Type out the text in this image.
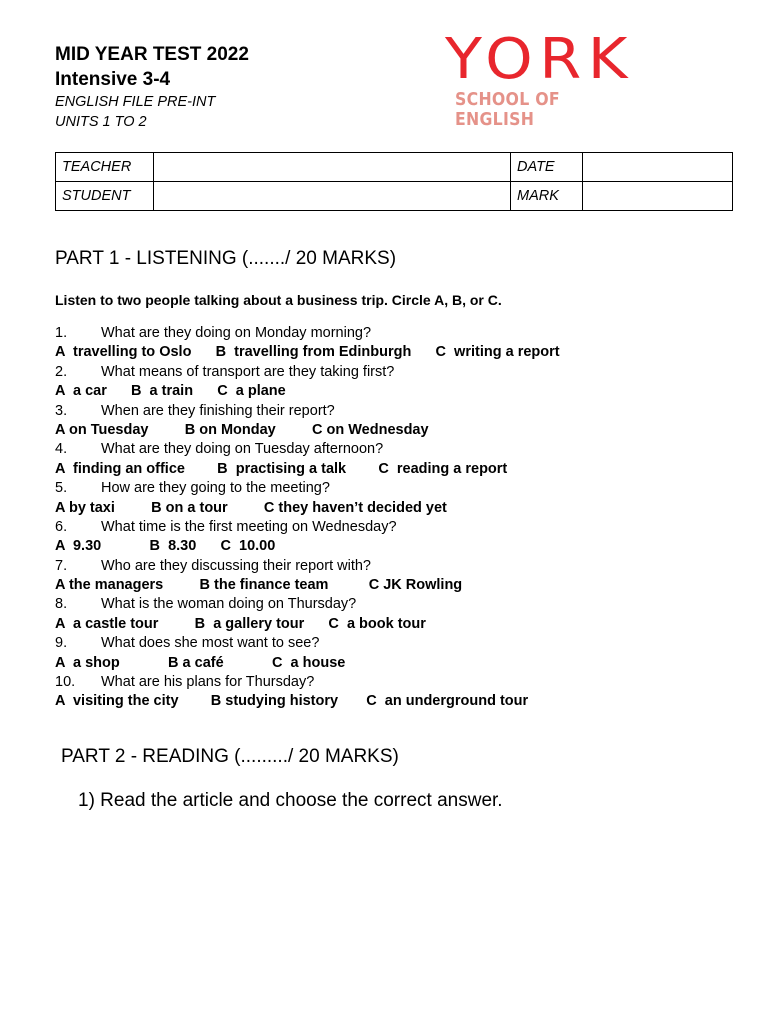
MID YEAR TEST 2022
Intensive 3-4
ENGLISH FILE PRE-INT
UNITS 1 TO 2
YORK
SCHOOL OF ENGLISH
TEACHER		DATE	
STUDENT		MARK	
PART 1 - LISTENING (......./ 20 MARKS)
Listen to two people talking about a business trip. Circle A, B, or C.
1. What are they doing on Monday morning?
A  travelling to Oslo      B  travelling from Edinburgh      C  writing a report
2. What means of transport are they taking first?
A  a car      B  a train      C  a plane
3. When are they finishing their report?
A on Tuesday         B on Monday         C on Wednesday
4. What are they doing on Tuesday afternoon?
A  finding an office        B  practising a talk        C  reading a report
5. How are they going to the meeting?
A by taxi         B on a tour         C they haven’t decided yet
6. What time is the first meeting on Wednesday?
A  9.30            B  8.30      C  10.00
7. Who are they discussing their report with?
A the managers         B the finance team          C JK Rowling
8. What is the woman doing on Thursday?
A  a castle tour         B  a gallery tour      C  a book tour
9. What does she most want to see?
A  a shop            B a café            C  a house
10. What are his plans for Thursday?
A  visiting the city        B studying history       C  an underground tour
PART 2 - READING (........./ 20 MARKS)
1) Read the article and choose the correct answer.
